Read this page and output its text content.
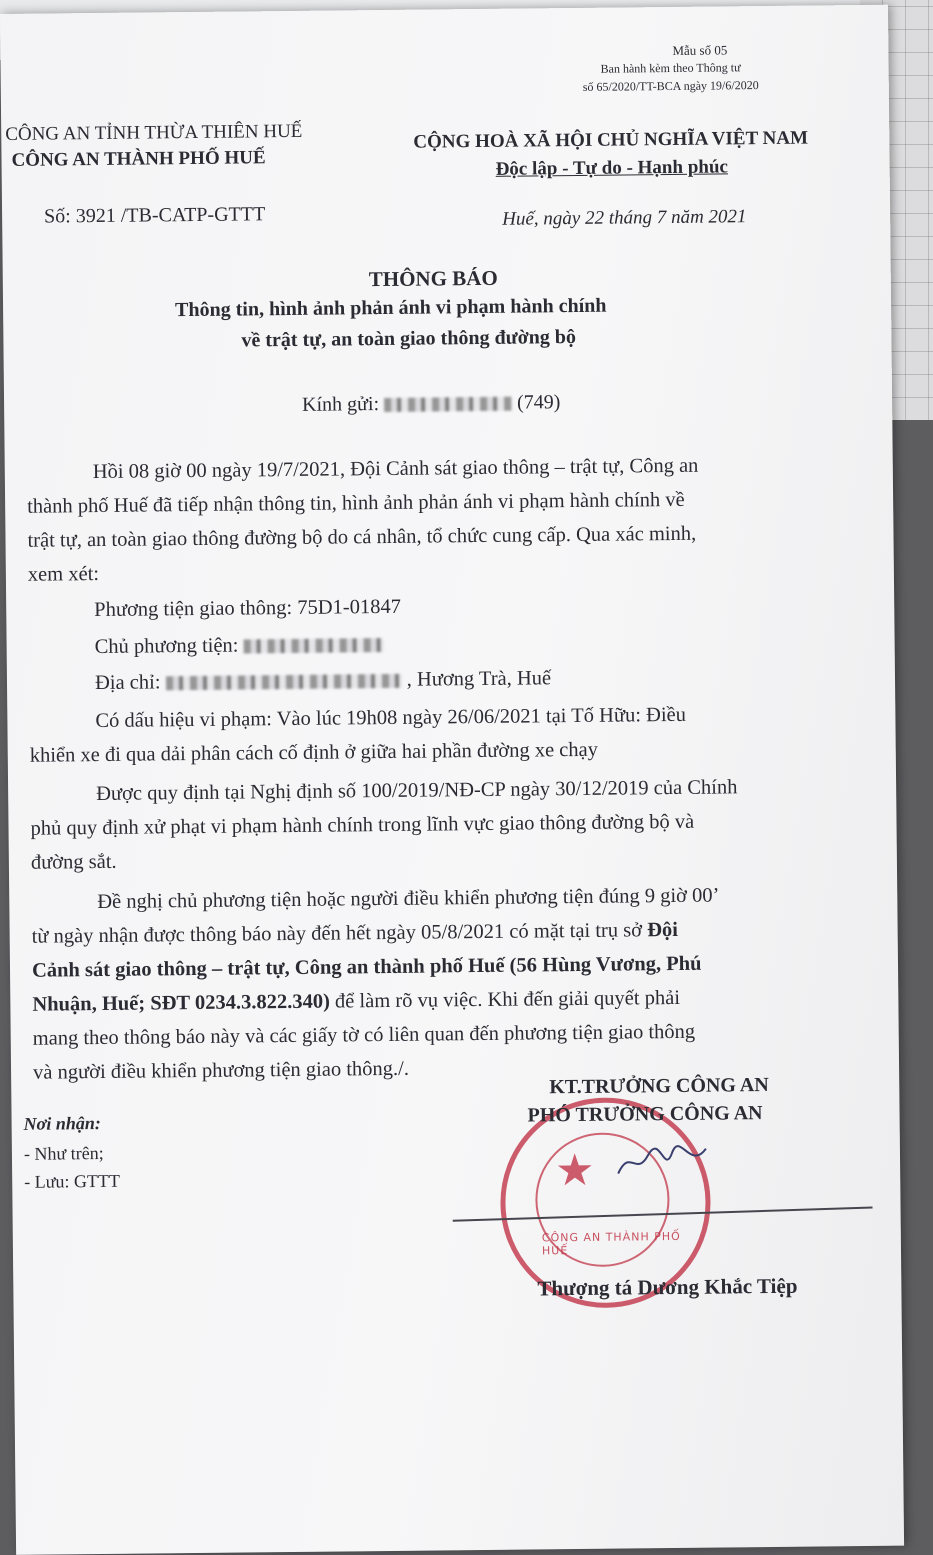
Mẫu số 05
Ban hành kèm theo Thông tư
số 65/2020/TT-BCA ngày 19/6/2020
CÔNG AN TỈNH THỪA THIÊN HUẾ
CÔNG AN THÀNH PHỐ HUẾ
Số: 3921 /TB-CATP-GTTT
CỘNG HOÀ XÃ HỘI CHỦ NGHĨA VIỆT NAM
Độc lập - Tự do - Hạnh phúc
Huế, ngày 22 tháng 7 năm 2021
THÔNG BÁO
Thông tin, hình ảnh phản ánh vi phạm hành chính
về trật tự, an toàn giao thông đường bộ
Kính gửi:	(749)
Hồi 08 giờ 00 ngày 19/7/2021, Đội Cảnh sát giao thông – trật tự, Công an
thành phố Huế đã tiếp nhận thông tin, hình ảnh phản ánh vi phạm hành chính về
trật tự, an toàn giao thông đường bộ do cá nhân, tổ chức cung cấp. Qua xác minh,
xem xét:
Phương tiện giao thông: 75D1-01847
Chủ phương tiện:
Địa chỉ:	, Hương Trà, Huế
Có dấu hiệu vi phạm: Vào lúc 19h08 ngày 26/06/2021 tại Tố Hữu: Điều
khiển xe đi qua dải phân cách cố định ở giữa hai phần đường xe chạy
Được quy định tại Nghị định số 100/2019/NĐ-CP ngày 30/12/2019 của Chính
phủ quy định xử phạt vi phạm hành chính trong lĩnh vực giao thông đường bộ và
đường sắt.
Đề nghị chủ phương tiện hoặc người điều khiển phương tiện đúng 9 giờ 00’
từ ngày nhận được thông báo này đến hết ngày 05/8/2021 có mặt tại trụ sở Đội
Cảnh sát giao thông – trật tự, Công an thành phố Huế (56 Hùng Vương, Phú
Nhuận, Huế; SĐT 0234.3.822.340) để làm rõ vụ việc. Khi đến giải quyết phải
mang theo thông báo này và các giấy tờ có liên quan đến phương tiện giao thông
và người điều khiển phương tiện giao thông./.
Nơi nhận:
- Như trên;
- Lưu: GTTT	★
CÔNG AN THÀNH PHỐ HUẾ
KT.TRƯỞNG CÔNG AN
PHÓ TRƯỞNG CÔNG AN
Thượng tá Dương Khắc Tiệp
